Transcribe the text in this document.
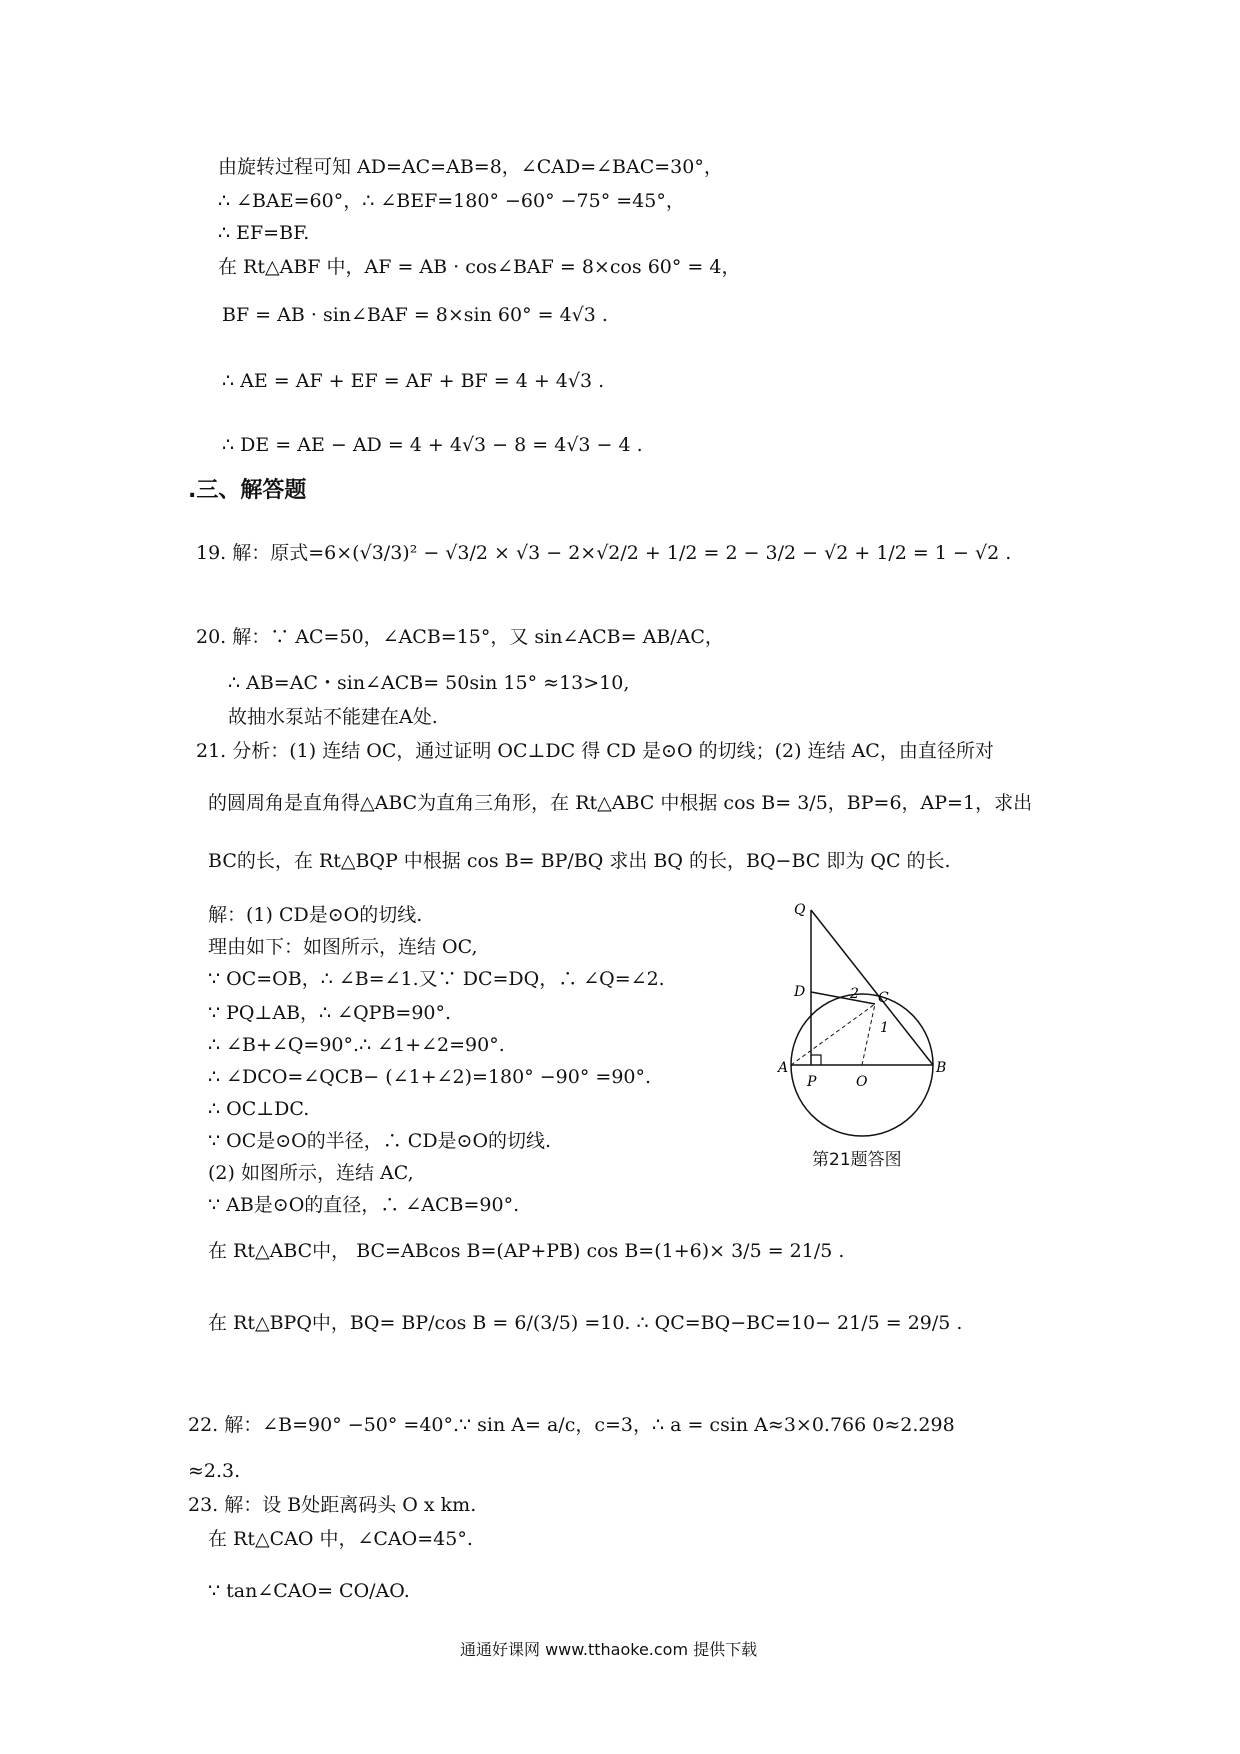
由旋转过程可知 AD=AC=AB=8，∠CAD=∠BAC=30°，
∴ ∠BAE=60°，∴ ∠BEF=180° −60° −75° =45°，
∴ EF=BF.
在 Rt△ABF 中，AF = AB · cos∠BAF = 8×cos 60° = 4，
BF = AB · sin∠BAF = 8×sin 60° = 4√3 .
∴ AE = AF + EF = AF + BF = 4 + 4√3 .
∴ DE = AE − AD = 4 + 4√3 − 8 = 4√3 − 4 .
.三、解答题
19. 解：原式=6×(√3/3)² − √3/2 × √3 − 2×√2/2 + 1/2 = 2 − 3/2 − √2 + 1/2 = 1 − √2 .
20. 解：∵ AC=50，∠ACB=15°，又 sin∠ACB= AB/AC，
∴ AB=AC・sin∠ACB= 50sin 15° ≈13>10,
故抽水泵站不能建在A处.
21. 分析：(1) 连结 OC，通过证明 OC⊥DC 得 CD 是⊙O 的切线；(2) 连结 AC，由直径所对
的圆周角是直角得△ABC为直角三角形，在 Rt△ABC 中根据 cos B= 3/5，BP=6，AP=1，求出
BC的长，在 Rt△BQP 中根据 cos B= BP/BQ 求出 BQ 的长，BQ−BC 即为 QC 的长.
解：(1) CD是⊙O的切线.
理由如下：如图所示，连结 OC,
∵ OC=OB，∴ ∠B=∠1.又∵ DC=DQ，∴ ∠Q=∠2.
∵ PQ⊥AB，∴ ∠QPB=90°.
∴ ∠B+∠Q=90°.∴ ∠1+∠2=90°.
∴ ∠DCO=∠QCB− (∠1+∠2)=180° −90° =90°.
∴ OC⊥DC.
∵ OC是⊙O的半径，∴ CD是⊙O的切线.
(2) 如图所示，连结 AC,
∵ AB是⊙O的直径，∴ ∠ACB=90°.
在 Rt△ABC中， BC=ABcos B=(AP+PB) cos B=(1+6)× 3/5 = 21/5 .
在 Rt△BPQ中，BQ= BP/cos B = 6/(3/5) =10. ∴ QC=BQ−BC=10− 21/5 = 29/5 .
Q
D	2 C
1
A
P	O
B
第21题答图
22. 解：∠B=90° −50° =40°.∵ sin A= a/c，c=3，∴ a = csin A≈3×0.766 0≈2.298
≈2.3.
23. 解：设 B处距离码头 O x km.
在 Rt△CAO 中，∠CAO=45°.
∵ tan∠CAO= CO/AO.
通通好课网 www.tthaoke.com 提供下载
